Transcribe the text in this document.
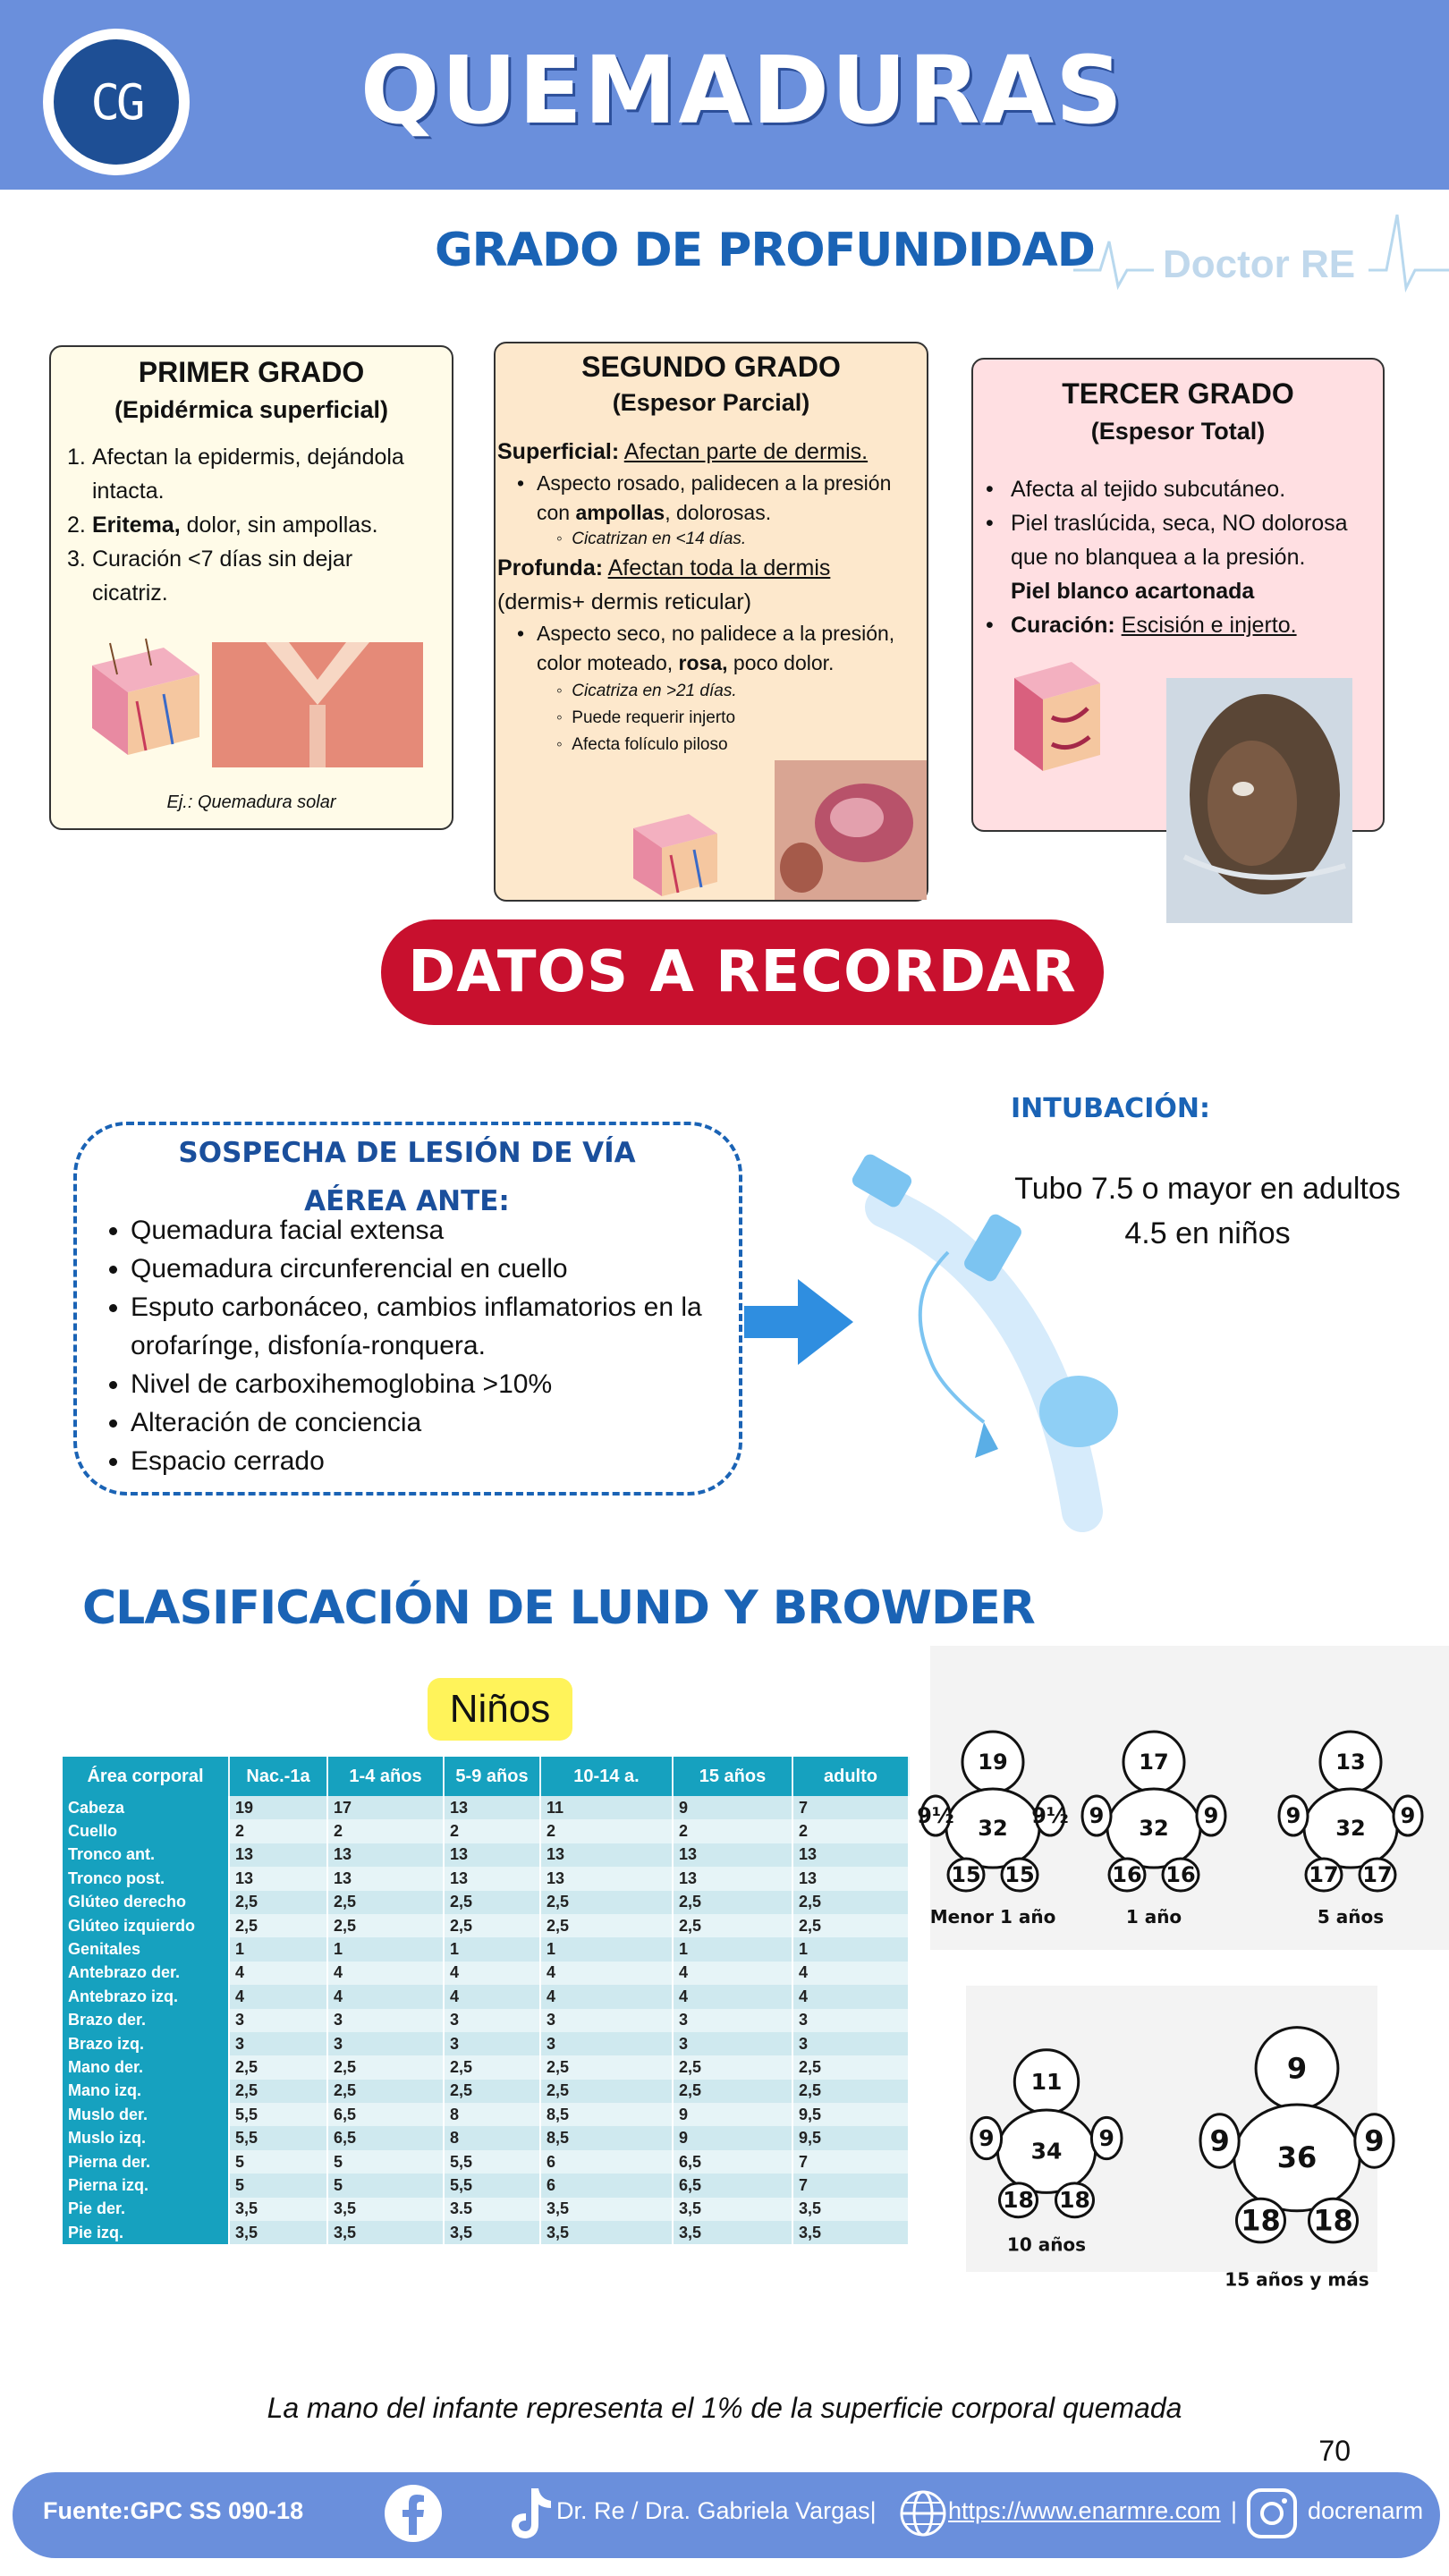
CG	QUEMADURAS
GRADO DE PROFUNDIDAD Doctor RE
PRIMER GRADO
(Epidérmica superficial)
1. Afectan la epidermis, dejándola
intacta.
2. Eritema, dolor, sin ampollas.
3. Curación <7 días sin dejar
cicatriz.
Ej.: Quemadura solar
SEGUNDO GRADO
(Espesor Parcial)
Superficial: Afectan parte de dermis.
• Aspecto rosado, palidecen a la presión
con ampollas, dolorosas.
◦  Cicatrizan en <14 días.
Profunda: Afectan toda la dermis
(dermis+ dermis reticular)
• Aspecto seco, no palidece a la presión,
color moteado, rosa, poco dolor.
◦  Cicatriza en >21 días.
◦  Puede requerir injerto
◦  Afecta folículo piloso
TERCER GRADO
(Espesor Total)
• Afecta al tejido subcutáneo.
• Piel traslúcida, seca, NO dolorosa
que no blanquea a la presión.
Piel blanco acartonada
• Curación: Escisión e injerto.
DATOS A RECORDAR
SOSPECHA DE LESIÓN DE VÍA
AÉREA ANTE:
• Quemadura facial extensa
• Quemadura circunferencial en cuello
• Esputo carbonáceo, cambios inflamatorios en la orofarínge, disfonía-ronquera.
• Nivel de carboxihemoglobina >10%
• Alteración de conciencia
• Espacio cerrado
INTUBACIÓN:
Tubo 7.5 o mayor en adultos
4.5 en niños
CLASIFICACIÓN DE LUND Y BROWDER
Niños
Área corporal	Nac.-1a	1-4 años	5-9 años	10-14 a.	15 años	adulto
Cabeza	19	17	13	11	9	7
Cuello	2	2	2	2	2	2
Tronco ant.	13	13	13	13	13	13
Tronco post.	13	13	13	13	13	13
Glúteo derecho	2,5	2,5	2,5	2,5	2,5	2,5
Glúteo izquierdo	2,5	2,5	2,5	2,5	2,5	2,5
Genitales	1	1	1	1	1	1
Antebrazo der.	4	4	4	4	4	4
Antebrazo izq.	4	4	4	4	4	4
Brazo der.	3	3	3	3	3	3
Brazo izq.	3	3	3	3	3	3
Mano der.	2,5	2,5	2,5	2,5	2,5	2,5
Mano izq.	2,5	2,5	2,5	2,5	2,5	2,5
Muslo der.	5,5	6,5	8	8,5	9	9,5
Muslo izq.	5,5	6,5	8	8,5	9	9,5
Pierna der.	5	5	5,5	6	6,5	7
Pierna izq.	5	5	5,5	6	6,5	7
Pie der.	3,5	3,5	3.5	3,5	3,5	3,5
Pie izq.	3,5	3,5	3,5	3,5	3,5	3,5
19
32
9½	9½
15 15
Menor 1 año
17
32
9	9
16 16
1 año
13
32
9	9
17 17
5 años
11
34
9	9
18 18
10 años
9
36
9	9
18 18
15 años y más
La mano del infante representa el 1% de la superficie corporal quemada
70
Fuente:GPC SS 090-18	Dr. Re / Dra. Gabriela Vargas|	https://www.enarmre.com |	docrenarm
